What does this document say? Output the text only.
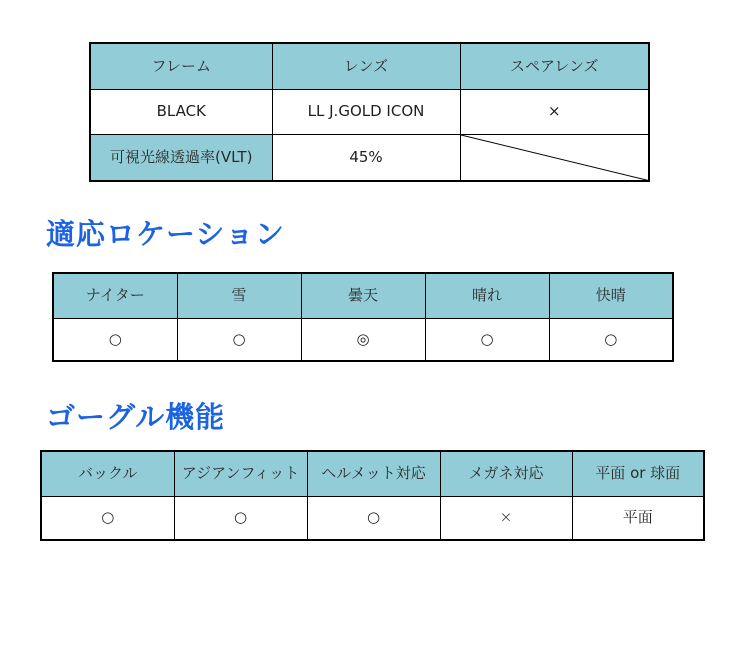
フレーム	レンズ	スペアレンズ
BLACK	LL J.GOLD ICON	×
可視光線透過率(VLT)	45%	
適応ロケーション
ナイター	雪	曇天	晴れ	快晴
○	○	◎	○	○
ゴーグル機能
バックル	アジアンフィット	ヘルメット対応	メガネ対応	平面 or 球面
○	○	○	×	平面
